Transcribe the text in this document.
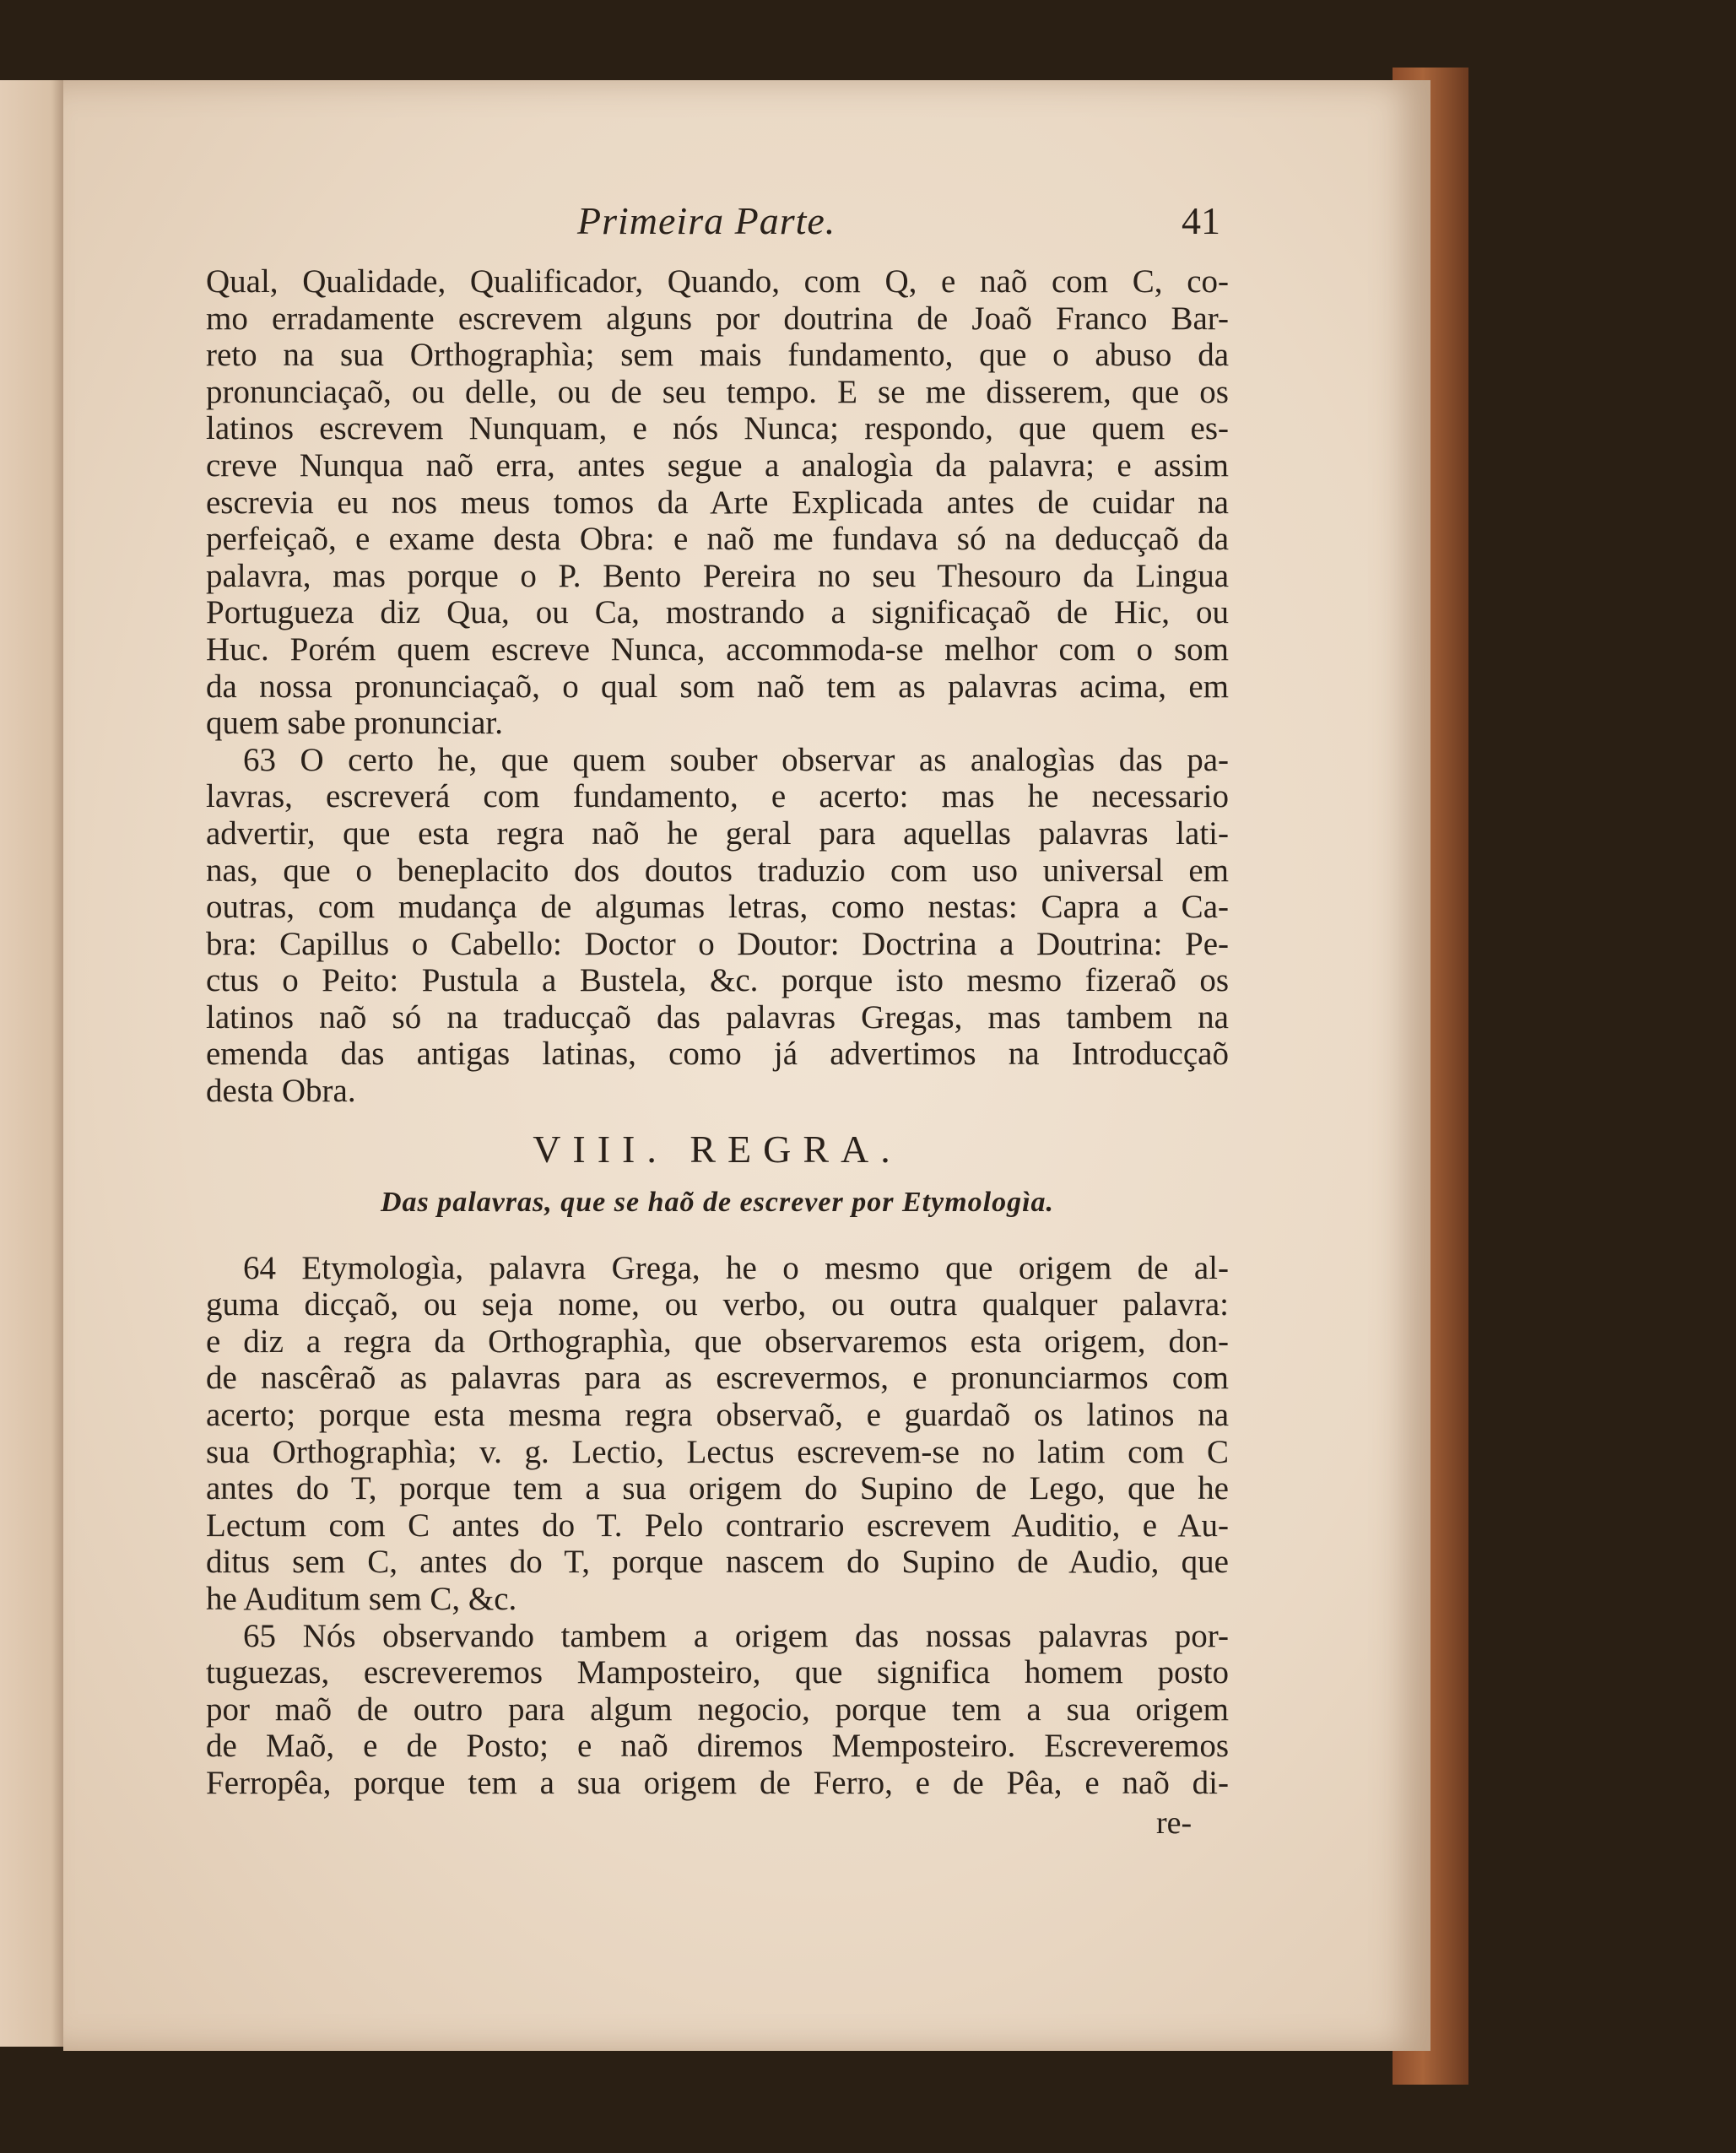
Primeira Parte.	41
Qual, Qualidade, Qualificador, Quando, com Q, e naõ com C, co-
mo erradamente escrevem alguns por doutrina de Joaõ Franco Bar-
reto na sua Orthographìa; sem mais fundamento, que o abuso da
pronunciaçaõ, ou delle, ou de seu tempo. E se me disserem, que os
latinos escrevem Nunquam, e nós Nunca; respondo, que quem es-
creve Nunqua naõ erra, antes segue a analogìa da palavra; e assim
escrevia eu nos meus tomos da Arte Explicada antes de cuidar na
perfeiçaõ, e exame desta Obra: e naõ me fundava só na deducçaõ da
palavra, mas porque o P. Bento Pereira no seu Thesouro da Lingua
Portugueza diz Qua, ou Ca, mostrando a significaçaõ de Hic, ou
Huc. Porém quem escreve Nunca, accommoda-se melhor com o som
da nossa pronunciaçaõ, o qual som naõ tem as palavras acima, em
quem sabe pronunciar.
63 O certo he, que quem souber observar as analogìas das pa-
lavras, escreverá com fundamento, e acerto: mas he necessario
advertir, que esta regra naõ he geral para aquellas palavras lati-
nas, que o beneplacito dos doutos traduzio com uso universal em
outras, com mudança de algumas letras, como nestas: Capra a Ca-
bra: Capillus o Cabello: Doctor o Doutor: Doctrina a Doutrina: Pe-
ctus o Peito: Pustula a Bustela, &c. porque isto mesmo fizeraõ os
latinos naõ só na traducçaõ das palavras Gregas, mas tambem na
emenda das antigas latinas, como já advertimos na Introducçaõ
desta Obra.
VIII. REGRA.
Das palavras, que se haõ de escrever por Etymologìa.
64 Etymologìa, palavra Grega, he o mesmo que origem de al-
guma dicçaõ, ou seja nome, ou verbo, ou outra qualquer palavra:
e diz a regra da Orthographìa, que observaremos esta origem, don-
de nascêraõ as palavras para as escrevermos, e pronunciarmos com
acerto; porque esta mesma regra observaõ, e guardaõ os latinos na
sua Orthographìa; v. g. Lectio, Lectus escrevem-se no latim com C
antes do T, porque tem a sua origem do Supino de Lego, que he
Lectum com C antes do T. Pelo contrario escrevem Auditio, e Au-
ditus sem C, antes do T, porque nascem do Supino de Audio, que
he Auditum sem C, &c.
65 Nós observando tambem a origem das nossas palavras por-
tuguezas, escreveremos Mamposteiro, que significa homem posto
por maõ de outro para algum negocio, porque tem a sua origem
de Maõ, e de Posto; e naõ diremos Memposteiro. Escreveremos
Ferropêa, porque tem a sua origem de Ferro, e de Pêa, e naõ di-
re-
